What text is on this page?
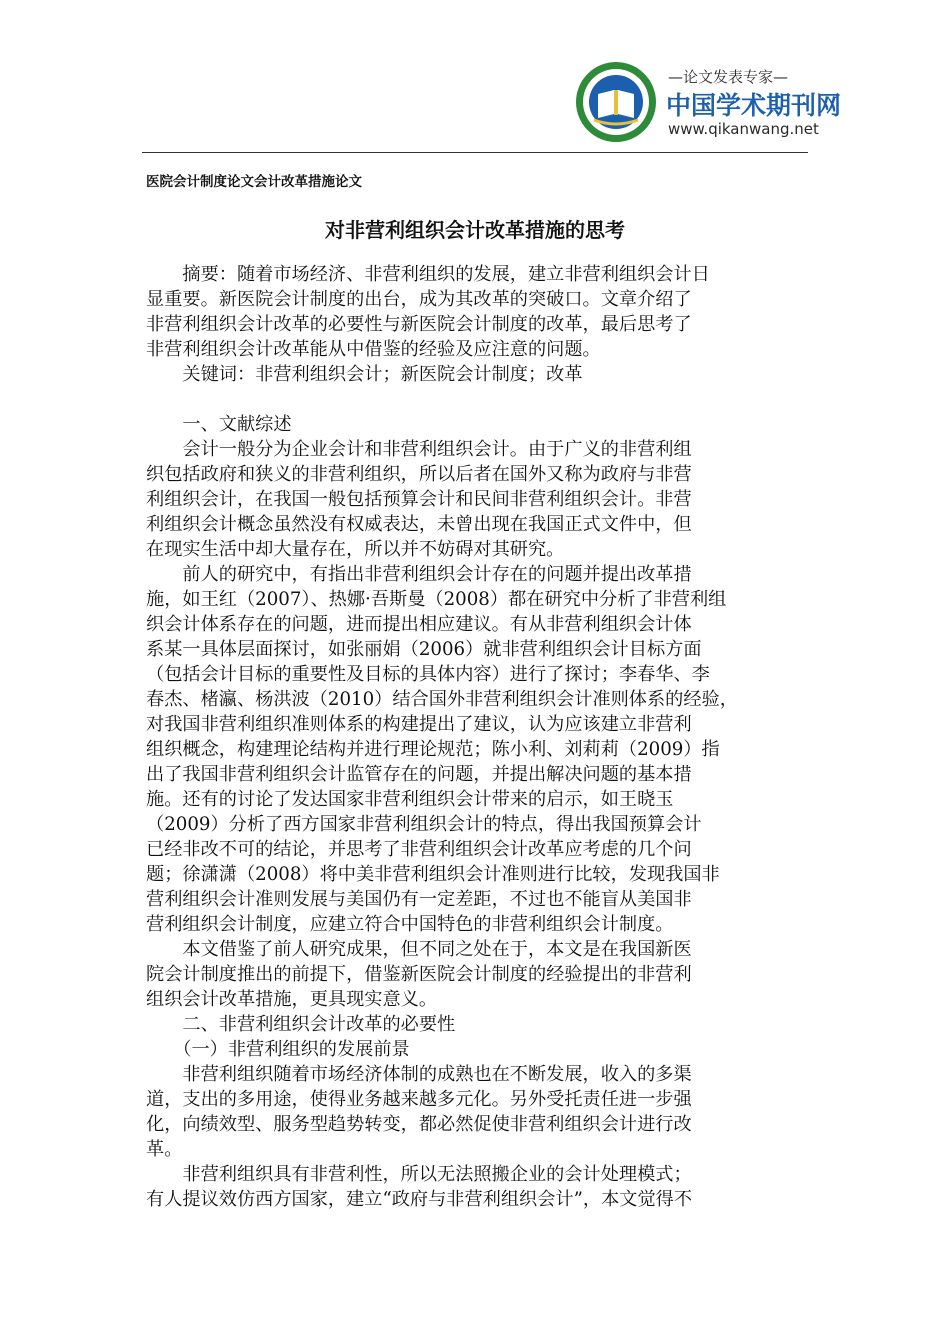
—论文发表专家—
中国学术期刊网
www.qikanwang.net
医院会计制度论文会计改革措施论文
对非营利组织会计改革措施的思考
　　摘要：随着市场经济、非营利组织的发展，建立非营利组织会计日
显重要。新医院会计制度的出台，成为其改革的突破口。文章介绍了
非营利组织会计改革的必要性与新医院会计制度的改革，最后思考了
非营利组织会计改革能从中借鉴的经验及应注意的问题。
　　关键词：非营利组织会计；新医院会计制度；改革
　　一、文献综述
　　会计一般分为企业会计和非营利组织会计。由于广义的非营利组
织包括政府和狭义的非营利组织，所以后者在国外又称为政府与非营
利组织会计，在我国一般包括预算会计和民间非营利组织会计。非营
利组织会计概念虽然没有权威表达，未曾出现在我国正式文件中，但
在现实生活中却大量存在，所以并不妨碍对其研究。
　　前人的研究中，有指出非营利组织会计存在的问题并提出改革措
施，如王红（2007）、热娜·吾斯曼（2008）都在研究中分析了非营利组
织会计体系存在的问题，进而提出相应建议。有从非营利组织会计体
系某一具体层面探讨，如张丽娟（2006）就非营利组织会计目标方面
（包括会计目标的重要性及目标的具体内容）进行了探讨；李春华、李
春杰、楮瀛、杨洪波（2010）结合国外非营利组织会计准则体系的经验，
对我国非营利组织准则体系的构建提出了建议，认为应该建立非营利
组织概念，构建理论结构并进行理论规范；陈小利、刘莉莉（2009）指
出了我国非营利组织会计监管存在的问题，并提出解决问题的基本措
施。还有的讨论了发达国家非营利组织会计带来的启示，如王晓玉
（2009）分析了西方国家非营利组织会计的特点，得出我国预算会计
已经非改不可的结论，并思考了非营利组织会计改革应考虑的几个问
题；徐潇潇（2008）将中美非营利组织会计准则进行比较，发现我国非
营利组织会计准则发展与美国仍有一定差距，不过也不能盲从美国非
营利组织会计制度，应建立符合中国特色的非营利组织会计制度。
　　本文借鉴了前人研究成果，但不同之处在于，本文是在我国新医
院会计制度推出的前提下，借鉴新医院会计制度的经验提出的非营利
组织会计改革措施，更具现实意义。
　　二、非营利组织会计改革的必要性
　　（一）非营利组织的发展前景
　　非营利组织随着市场经济体制的成熟也在不断发展，收入的多渠
道，支出的多用途，使得业务越来越多元化。另外受托责任进一步强
化，向绩效型、服务型趋势转变，都必然促使非营利组织会计进行改
革。
　　非营利组织具有非营利性，所以无法照搬企业的会计处理模式；
有人提议效仿西方国家，建立“政府与非营利组织会计”，本文觉得不
